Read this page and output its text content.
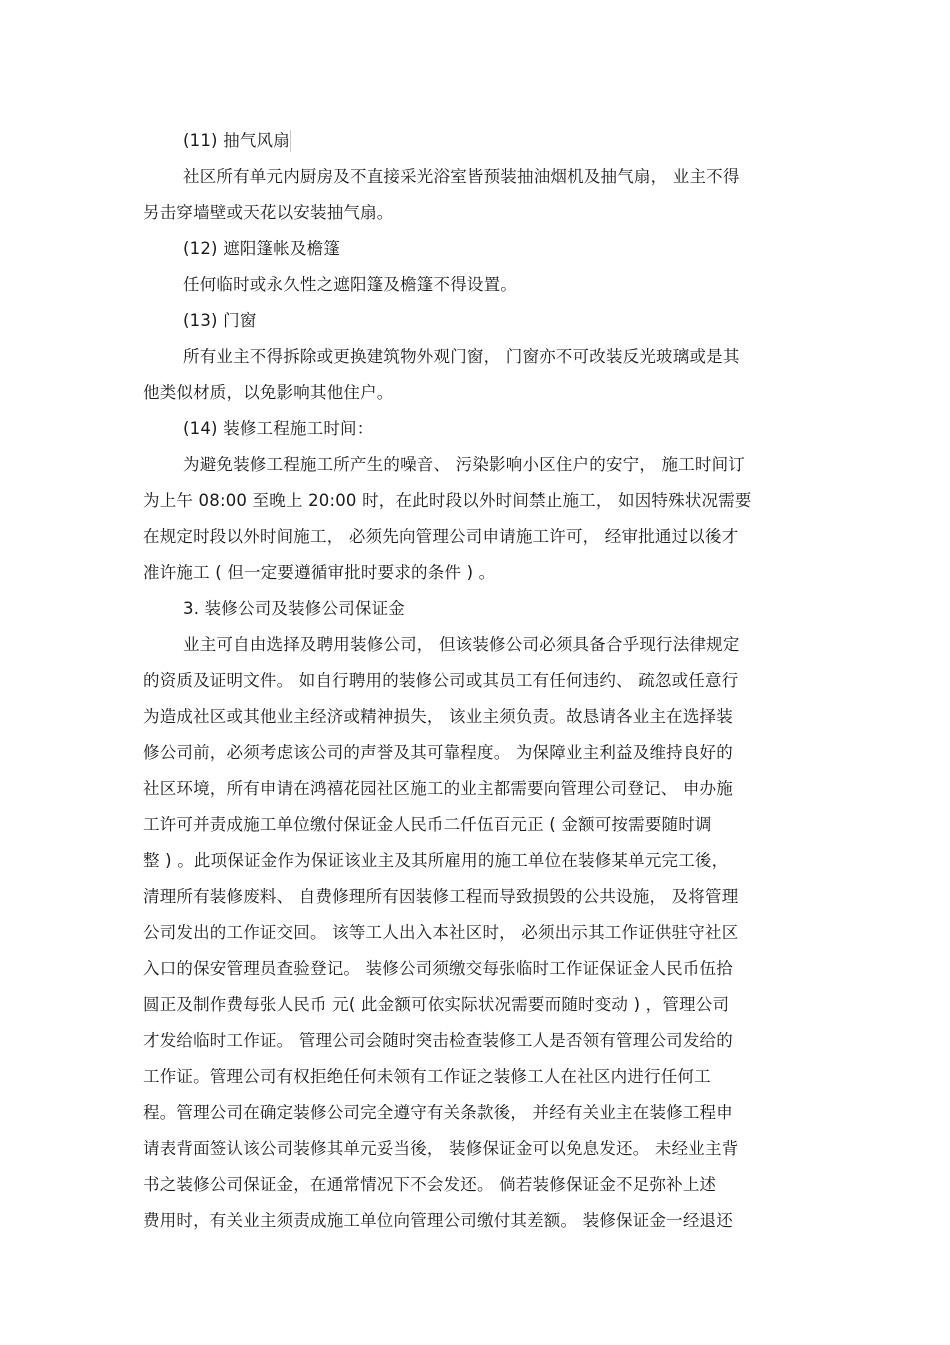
(11) 抽气风扇
社区所有单元内厨房及不直接采光浴室皆预装抽油烟机及抽气扇， 业主不得
另击穿墙壁或天花以安装抽气扇。
(12) 遮阳篷帐及檐篷
任何临时或永久性之遮阳篷及檐篷不得设置。
(13) 门窗
所有业主不得拆除或更换建筑物外观门窗， 门窗亦不可改装反光玻璃或是其
他类似材质，以免影响其他住户。
(14) 装修工程施工时间：
为避免装修工程施工所产生的噪音、 污染影响小区住户的安宁， 施工时间订
为上午 08:00 至晚上 20:00 时，在此时段以外时间禁止施工， 如因特殊状况需要
在规定时段以外时间施工， 必须先向管理公司申请施工许可， 经审批通过以後才
准许施工 ( 但一定要遵循审批时要求的条件 ) 。
3. 装修公司及装修公司保证金
业主可自由选择及聘用装修公司， 但该装修公司必须具备合乎现行法律规定
的资质及证明文件。 如自行聘用的装修公司或其员工有任何违约、 疏忽或任意行
为造成社区或其他业主经济或精神损失， 该业主须负责。故恳请各业主在选择装
修公司前，必须考虑该公司的声誉及其可靠程度。 为保障业主利益及维持良好的
社区环境，所有申请在鸿禧花园社区施工的业主都需要向管理公司登记、 申办施
工许可并责成施工单位缴付保证金人民币二仟伍百元正 ( 金额可按需要随时调
整 ) 。此项保证金作为保证该业主及其所雇用的施工单位在装修某单元完工後，
清理所有装修废料、 自费修理所有因装修工程而导致损毁的公共设施， 及将管理
公司发出的工作证交回。 该等工人出入本社区时， 必须出示其工作证供驻守社区
入口的保安管理员查验登记。 装修公司须缴交每张临时工作证保证金人民币伍拾
圆正及制作费每张人民币 元( 此金额可依实际状况需要而随时变动 ) ，管理公司
才发给临时工作证。 管理公司会随时突击检查装修工人是否领有管理公司发给的
工作证。管理公司有权拒绝任何未领有工作证之装修工人在社区内进行任何工
程。管理公司在确定装修公司完全遵守有关条款後， 并经有关业主在装修工程申
请表背面签认该公司装修其单元妥当後， 装修保证金可以免息发还。 未经业主背
书之装修公司保证金，在通常情况下不会发还。 倘若装修保证金不足弥补上述
费用时，有关业主须责成施工单位向管理公司缴付其差额。 装修保证金一经退还
